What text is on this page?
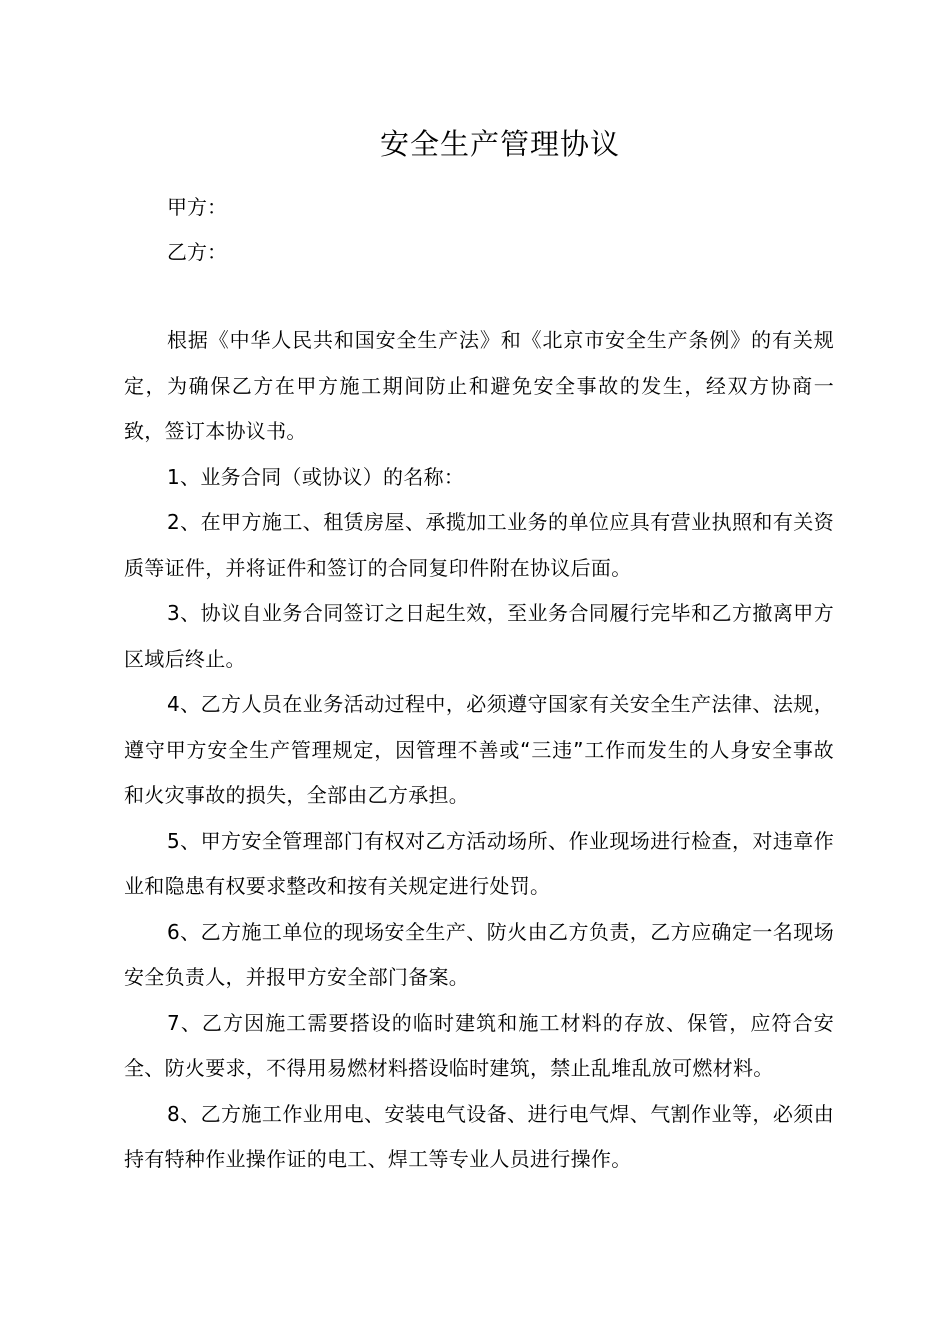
安全生产管理协议

甲方：

乙方：

根据《中华人民共和国安全生产法》和《北京市安全生产条例》的有关规定，为确保乙方在甲方施工期间防止和避免安全事故的发生，经双方协商一致，签订本协议书。

1、业务合同（或协议）的名称：

2、在甲方施工、租赁房屋、承揽加工业务的单位应具有营业执照和有关资质等证件，并将证件和签订的合同复印件附在协议后面。

3、协议自业务合同签订之日起生效，至业务合同履行完毕和乙方撤离甲方区域后终止。

4、乙方人员在业务活动过程中，必须遵守国家有关安全生产法律、法规，遵守甲方安全生产管理规定，因管理不善或“三违”工作而发生的人身安全事故和火灾事故的损失，全部由乙方承担。

5、甲方安全管理部门有权对乙方活动场所、作业现场进行检查，对违章作业和隐患有权要求整改和按有关规定进行处罚。

6、乙方施工单位的现场安全生产、防火由乙方负责，乙方应确定一名现场安全负责人，并报甲方安全部门备案。

7、乙方因施工需要搭设的临时建筑和施工材料的存放、保管，应符合安全、防火要求，不得用易燃材料搭设临时建筑，禁止乱堆乱放可燃材料。

8、乙方施工作业用电、安装电气设备、进行电气焊、气割作业等，必须由持有特种作业操作证的电工、焊工等专业人员进行操作。
